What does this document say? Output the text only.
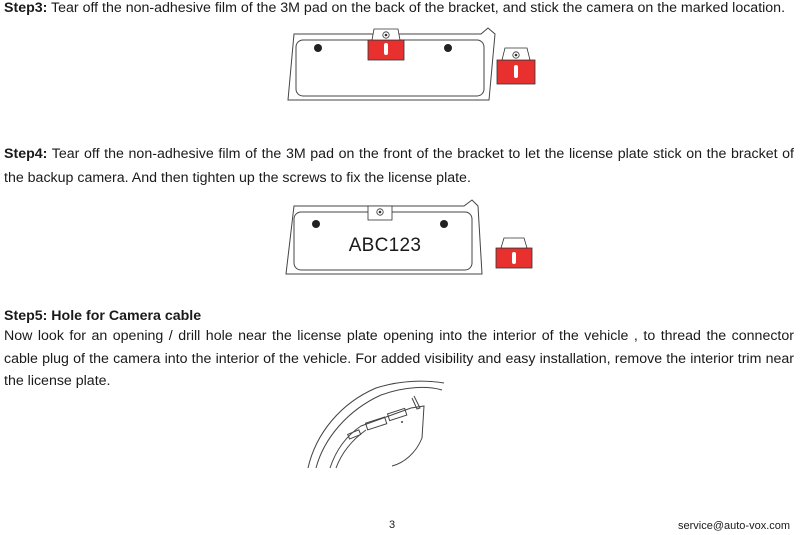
Step3: Tear off the non-adhesive film of the 3M pad on the back of the bracket, and stick the camera on the marked location.

Step4: Tear off the non-adhesive film of the 3M pad on the front of the bracket to let the license plate stick on the bracket of the backup camera. And then tighten up the screws to fix the license plate.

ABC123
Step5: Hole for Camera cable

Now look for an opening / drill hole near the license plate opening into the interior of the vehicle , to thread the connector cable plug of the camera into the interior of the vehicle. For added visibility and easy installation, remove the interior trim near the license plate.

3	service@auto-vox.com
